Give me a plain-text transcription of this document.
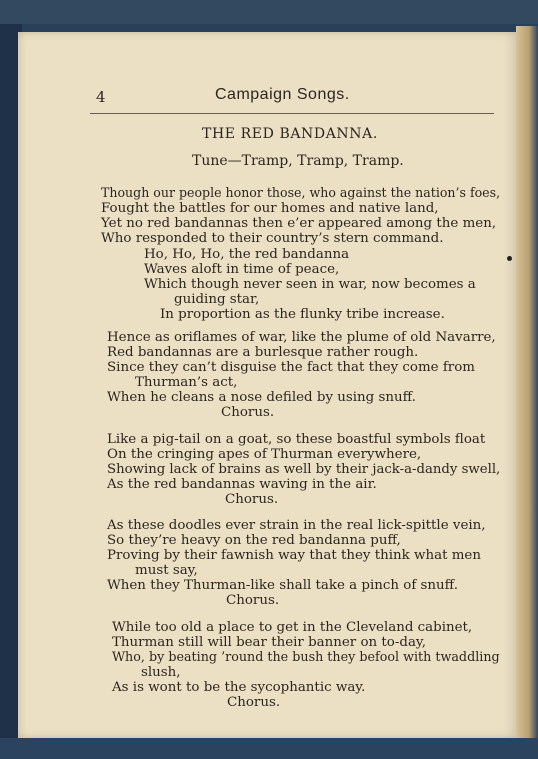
4	Campaign Songs.
THE RED BANDANNA.
Tune—Tramp, Tramp, Tramp.
Though our people honor those, who against the nation’s foes,
Fought the battles for our homes and native land,
Yet no red bandannas then e’er appeared among the men,
Who responded to their country’s stern command.
Ho, Ho, Ho, the red bandanna
Waves aloft in time of peace,
Which though never seen in war, now becomes a
guiding star,
In proportion as the flunky tribe increase.
Hence as oriflames of war, like the plume of old Navarre,
Red bandannas are a burlesque rather rough.
Since they can’t disguise the fact that they come from
Thurman’s act,
When he cleans a nose defiled by using snuff.
Chorus.
Like a pig-tail on a goat, so these boastful symbols float
On the cringing apes of Thurman everywhere,
Showing lack of brains as well by their jack-a-dandy swell,
As the red bandannas waving in the air.
Chorus.
As these doodles ever strain in the real lick-spittle vein,
So they’re heavy on the red bandanna puff,
Proving by their fawnish way that they think what men
must say,
When they Thurman-like shall take a pinch of snuff.
Chorus.
While too old a place to get in the Cleveland cabinet,
Thurman still will bear their banner on to-day,
Who, by beating ’round the bush they befool with twaddling
slush,
As is wont to be the sycophantic way.
Chorus.
